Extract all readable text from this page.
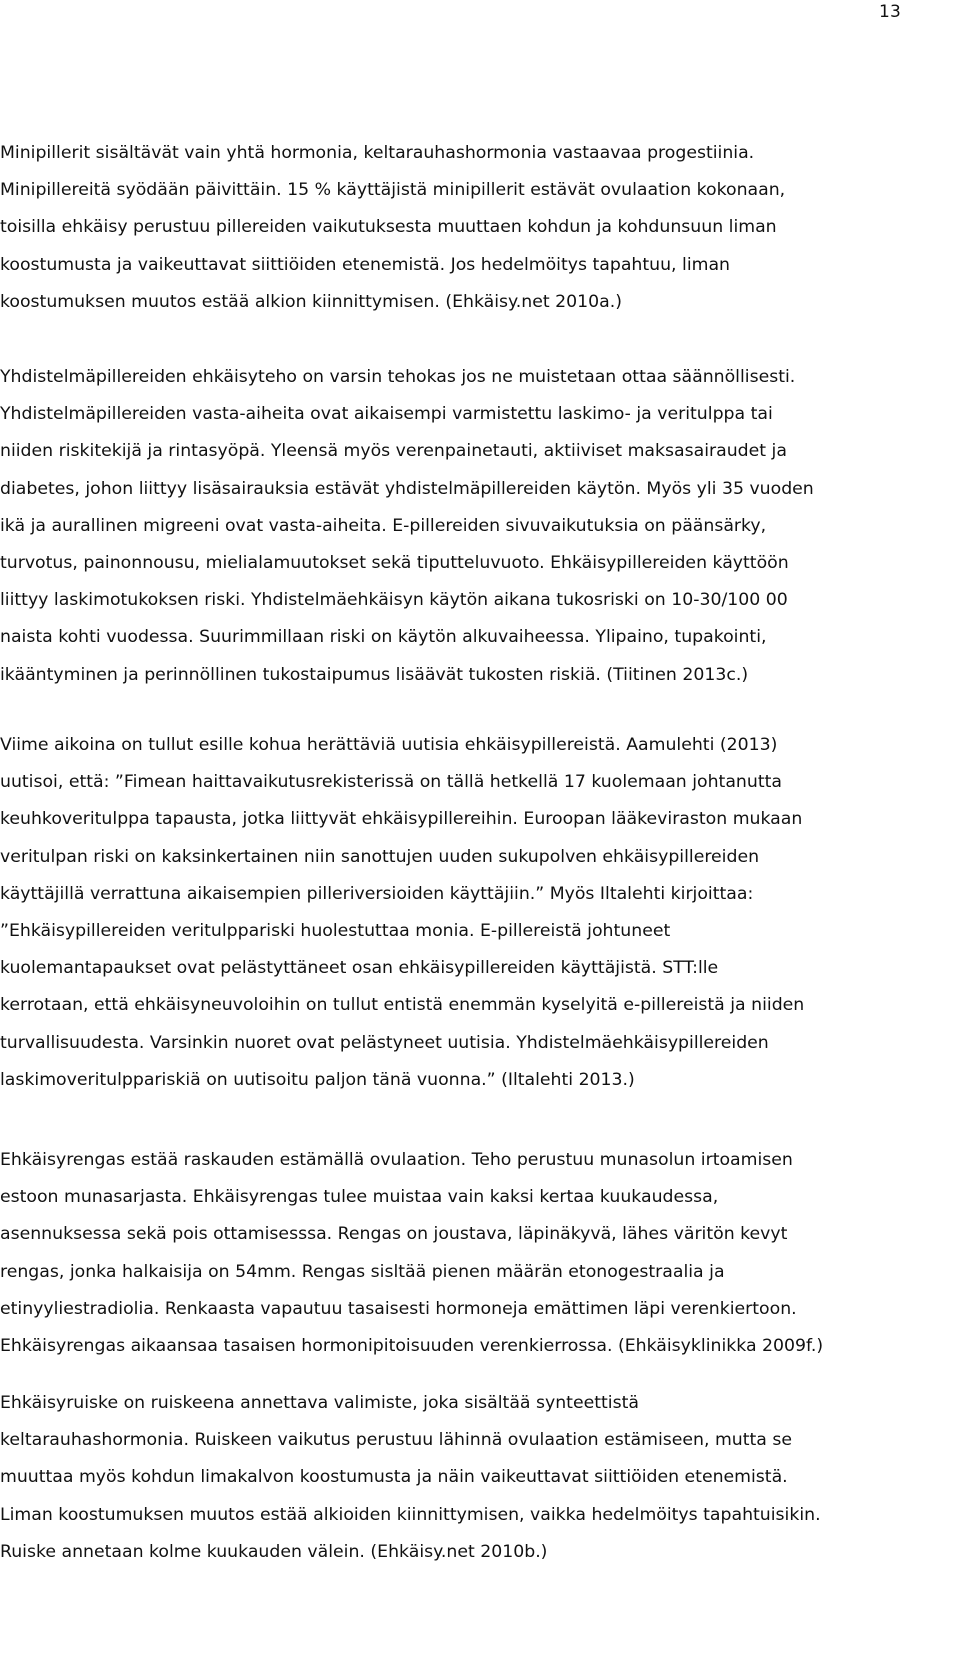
13
Minipillerit sisältävät vain yhtä hormonia, keltarauhashormonia vastaavaa progestiinia.
Minipillereitä syödään päivittäin. 15 % käyttäjistä minipillerit estävät ovulaation kokonaan,
toisilla ehkäisy perustuu pillereiden vaikutuksesta muuttaen kohdun ja kohdunsuun liman
koostumusta ja vaikeuttavat siittiöiden etenemistä. Jos hedelmöitys tapahtuu, liman
koostumuksen muutos estää alkion kiinnittymisen. (Ehkäisy.net 2010a.)
Yhdistelmäpillereiden ehkäisyteho on varsin tehokas jos ne muistetaan ottaa säännöllisesti.
Yhdistelmäpillereiden vasta-aiheita ovat aikaisempi varmistettu laskimo- ja veritulppa tai
niiden riskitekijä ja rintasyöpä. Yleensä myös verenpainetauti, aktiiviset maksasairaudet ja
diabetes, johon liittyy lisäsairauksia estävät yhdistelmäpillereiden käytön. Myös yli 35 vuoden
ikä ja aurallinen migreeni ovat vasta-aiheita. E-pillereiden sivuvaikutuksia on päänsärky,
turvotus, painonnousu, mielialamuutokset sekä tiputteluvuoto. Ehkäisypillereiden käyttöön
liittyy laskimotukoksen riski. Yhdistelmäehkäisyn käytön aikana tukosriski on 10-30/100 00
naista kohti vuodessa. Suurimmillaan riski on käytön alkuvaiheessa. Ylipaino, tupakointi,
ikääntyminen ja perinnöllinen tukostaipumus lisäävät tukosten riskiä. (Tiitinen 2013c.)
Viime aikoina on tullut esille kohua herättäviä uutisia ehkäisypillereistä. Aamulehti (2013)
uutisoi, että: ”Fimean haittavaikutusrekisterissä on tällä hetkellä 17 kuolemaan johtanutta
keuhkoveritulppa tapausta, jotka liittyvät ehkäisypillereihin. Euroopan lääkeviraston mukaan
veritulpan riski on kaksinkertainen niin sanottujen uuden sukupolven ehkäisypillereiden
käyttäjillä verrattuna aikaisempien pilleriversioiden käyttäjiin.” Myös Iltalehti kirjoittaa:
”Ehkäisypillereiden veritulppariski huolestuttaa monia. E-pillereistä johtuneet
kuolemantapaukset ovat pelästyttäneet osan ehkäisypillereiden käyttäjistä. STT:lle
kerrotaan, että ehkäisyneuvoloihin on tullut entistä enemmän kyselyitä e-pillereistä ja niiden
turvallisuudesta. Varsinkin nuoret ovat pelästyneet uutisia. Yhdistelmäehkäisypillereiden
laskimoveritulppariskiä on uutisoitu paljon tänä vuonna.” (Iltalehti 2013.)
Ehkäisyrengas estää raskauden estämällä ovulaation. Teho perustuu munasolun irtoamisen
estoon munasarjasta. Ehkäisyrengas tulee muistaa vain kaksi kertaa kuukaudessa,
asennuksessa sekä pois ottamisesssa. Rengas on joustava, läpinäkyvä, lähes väritön kevyt
rengas, jonka halkaisija on 54mm. Rengas sisltää pienen määrän etonogestraalia ja
etinyyliestradiolia. Renkaasta vapautuu tasaisesti hormoneja emättimen läpi verenkiertoon.
Ehkäisyrengas aikaansaa tasaisen hormonipitoisuuden verenkierrossa. (Ehkäisyklinikka 2009f.)
Ehkäisyruiske on ruiskeena annettava valimiste, joka sisältää synteettistä
keltarauhashormonia. Ruiskeen vaikutus perustuu lähinnä ovulaation estämiseen, mutta se
muuttaa myös kohdun limakalvon koostumusta ja näin vaikeuttavat siittiöiden etenemistä.
Liman koostumuksen muutos estää alkioiden kiinnittymisen, vaikka hedelmöitys tapahtuisikin.
Ruiske annetaan kolme kuukauden välein. (Ehkäisy.net 2010b.)
